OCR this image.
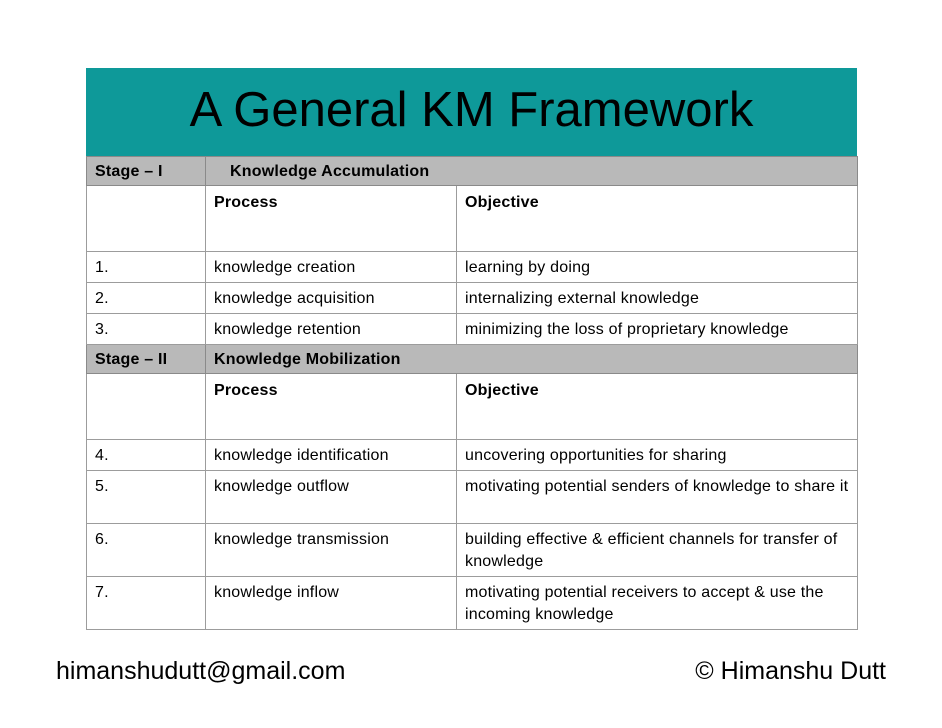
A General KM Framework
Stage – I	Knowledge Accumulation	
	Process	Objective
1.	knowledge creation	learning by doing
2.	knowledge acquisition	internalizing external knowledge
3.	knowledge retention	minimizing the loss of proprietary knowledge
Stage – II	Knowledge Mobilization	
	Process	Objective
4.	knowledge identification	uncovering opportunities for sharing
5.	knowledge outflow	motivating potential senders of knowledge to share it
6.	knowledge transmission	building effective & efficient channels for transfer of knowledge
7.	knowledge inflow	motivating potential receivers to accept & use the incoming knowledge
himanshudutt@gmail.com	© Himanshu Dutt
